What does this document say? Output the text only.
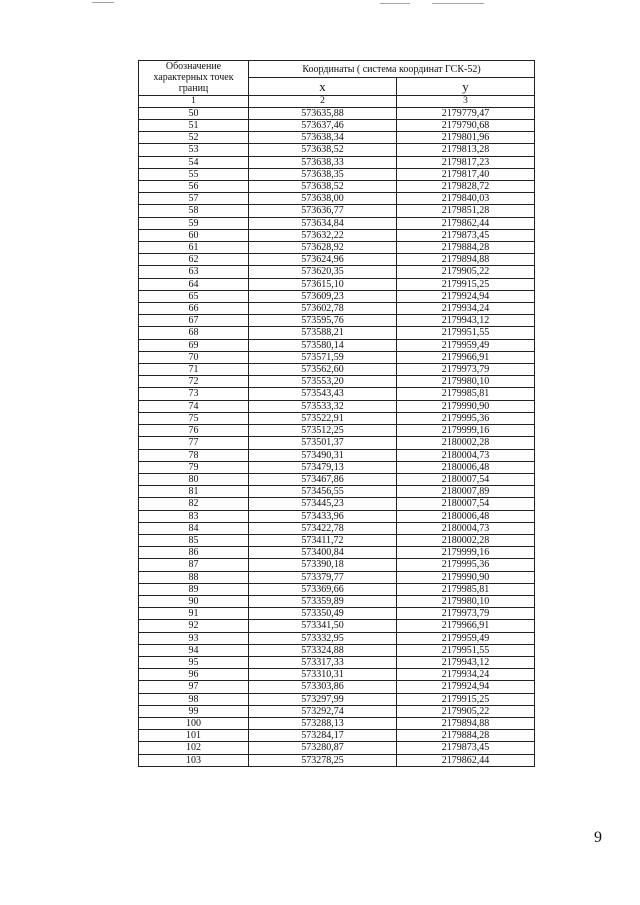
Обозначение характерных точек границ	Координаты ( система координат ГСК-52)	
	x	y
1	2	3
50	573635,88	2179779,47
51	573637,46	2179790,68
52	573638,34	2179801,96
53	573638,52	2179813,28
54	573638,33	2179817,23
55	573638,35	2179817,40
56	573638,52	2179828,72
57	573638,00	2179840,03
58	573636,77	2179851,28
59	573634,84	2179862,44
60	573632,22	2179873,45
61	573628,92	2179884,28
62	573624,96	2179894,88
63	573620,35	2179905,22
64	573615,10	2179915,25
65	573609,23	2179924,94
66	573602,78	2179934,24
67	573595,76	2179943,12
68	573588,21	2179951,55
69	573580,14	2179959,49
70	573571,59	2179966,91
71	573562,60	2179973,79
72	573553,20	2179980,10
73	573543,43	2179985,81
74	573533,32	2179990,90
75	573522,91	2179995,36
76	573512,25	2179999,16
77	573501,37	2180002,28
78	573490,31	2180004,73
79	573479,13	2180006,48
80	573467,86	2180007,54
81	573456,55	2180007,89
82	573445,23	2180007,54
83	573433,96	2180006,48
84	573422,78	2180004,73
85	573411,72	2180002,28
86	573400,84	2179999,16
87	573390,18	2179995,36
88	573379,77	2179990,90
89	573369,66	2179985,81
90	573359,89	2179980,10
91	573350,49	2179973,79
92	573341,50	2179966,91
93	573332,95	2179959,49
94	573324,88	2179951,55
95	573317,33	2179943,12
96	573310,31	2179934,24
97	573303,86	2179924,94
98	573297,99	2179915,25
99	573292,74	2179905,22
100	573288,13	2179894,88
101	573284,17	2179884,28
102	573280,87	2179873,45
103	573278,25	2179862,44
9
